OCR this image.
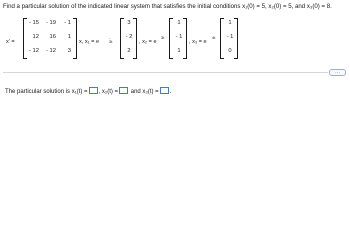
Find a particular solution of the indicated linear system that satisfies the initial conditions x₁(0) = 5, x₂(0) = 5, and x₃(0) = 8.
x' =
- 15	- 19	- 1
12	16	1
- 12	- 12	3
x, x₁ = e
- 3t
3
- 2
2
, x₂ = e
3t
1
- 1
1
, x₃ = e
4t
1
- 1
0
···
The particular solution is x₁(t) = , x₂(t) = and x₃(t) = .
